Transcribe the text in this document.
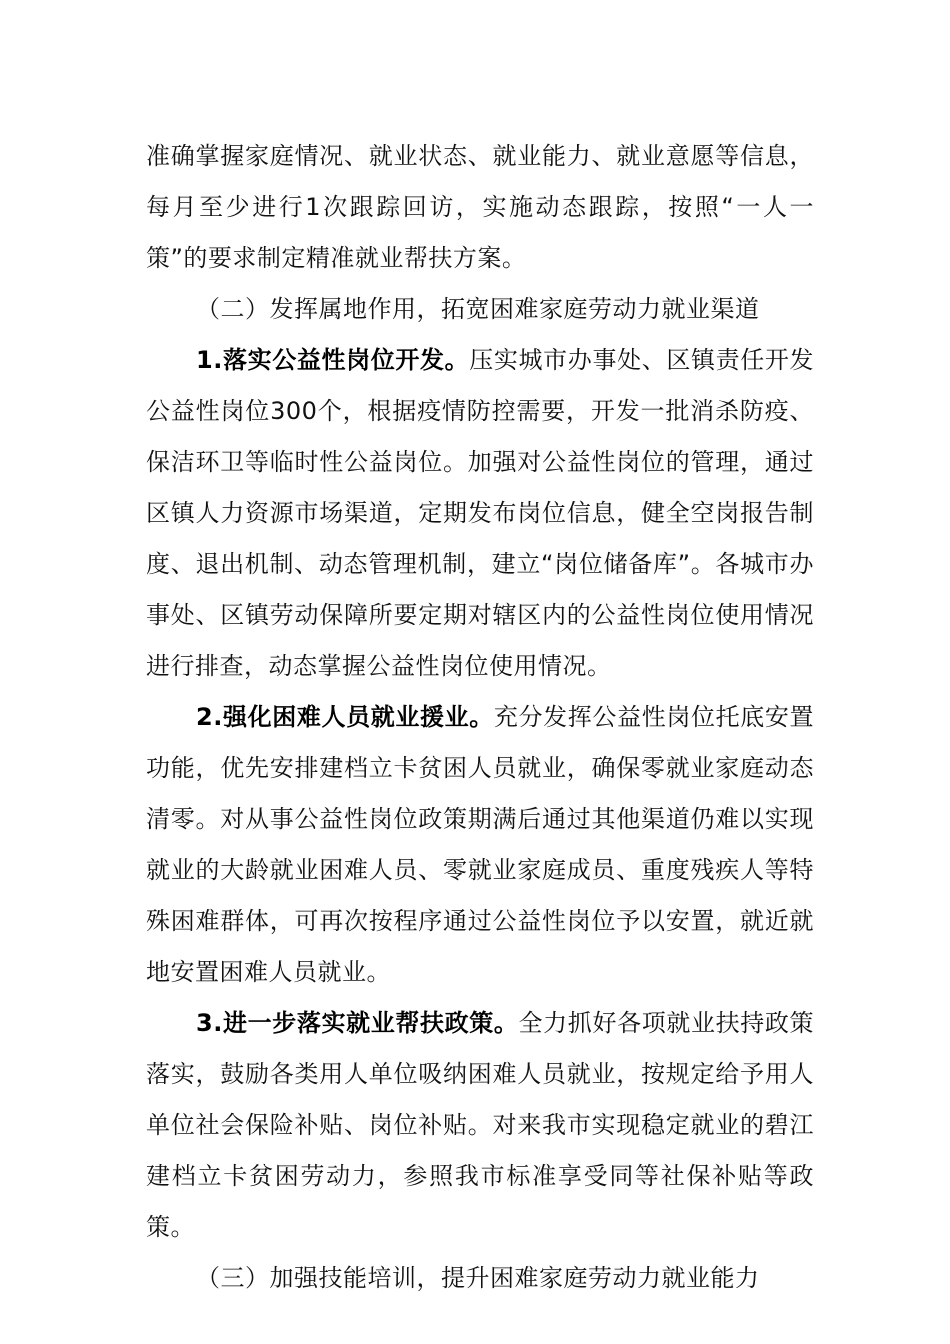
准确掌握家庭情况、就业状态、就业能力、就业意愿等信息，每月至少进行1次跟踪回访，实施动态跟踪，按照“一人一策”的要求制定精准就业帮扶方案。

（二）发挥属地作用，拓宽困难家庭劳动力就业渠道

1.落实公益性岗位开发。压实城市办事处、区镇责任开发公益性岗位300个，根据疫情防控需要，开发一批消杀防疫、保洁环卫等临时性公益岗位。加强对公益性岗位的管理，通过区镇人力资源市场渠道，定期发布岗位信息，健全空岗报告制度、退出机制、动态管理机制，建立“岗位储备库”。各城市办事处、区镇劳动保障所要定期对辖区内的公益性岗位使用情况进行排查，动态掌握公益性岗位使用情况。

2.强化困难人员就业援业。充分发挥公益性岗位托底安置功能，优先安排建档立卡贫困人员就业，确保零就业家庭动态清零。对从事公益性岗位政策期满后通过其他渠道仍难以实现就业的大龄就业困难人员、零就业家庭成员、重度残疾人等特殊困难群体，可再次按程序通过公益性岗位予以安置，就近就地安置困难人员就业。

3.进一步落实就业帮扶政策。全力抓好各项就业扶持政策落实，鼓励各类用人单位吸纳困难人员就业，按规定给予用人单位社会保险补贴、岗位补贴。对来我市实现稳定就业的碧江建档立卡贫困劳动力，参照我市标准享受同等社保补贴等政策。

（三）加强技能培训，提升困难家庭劳动力就业能力
